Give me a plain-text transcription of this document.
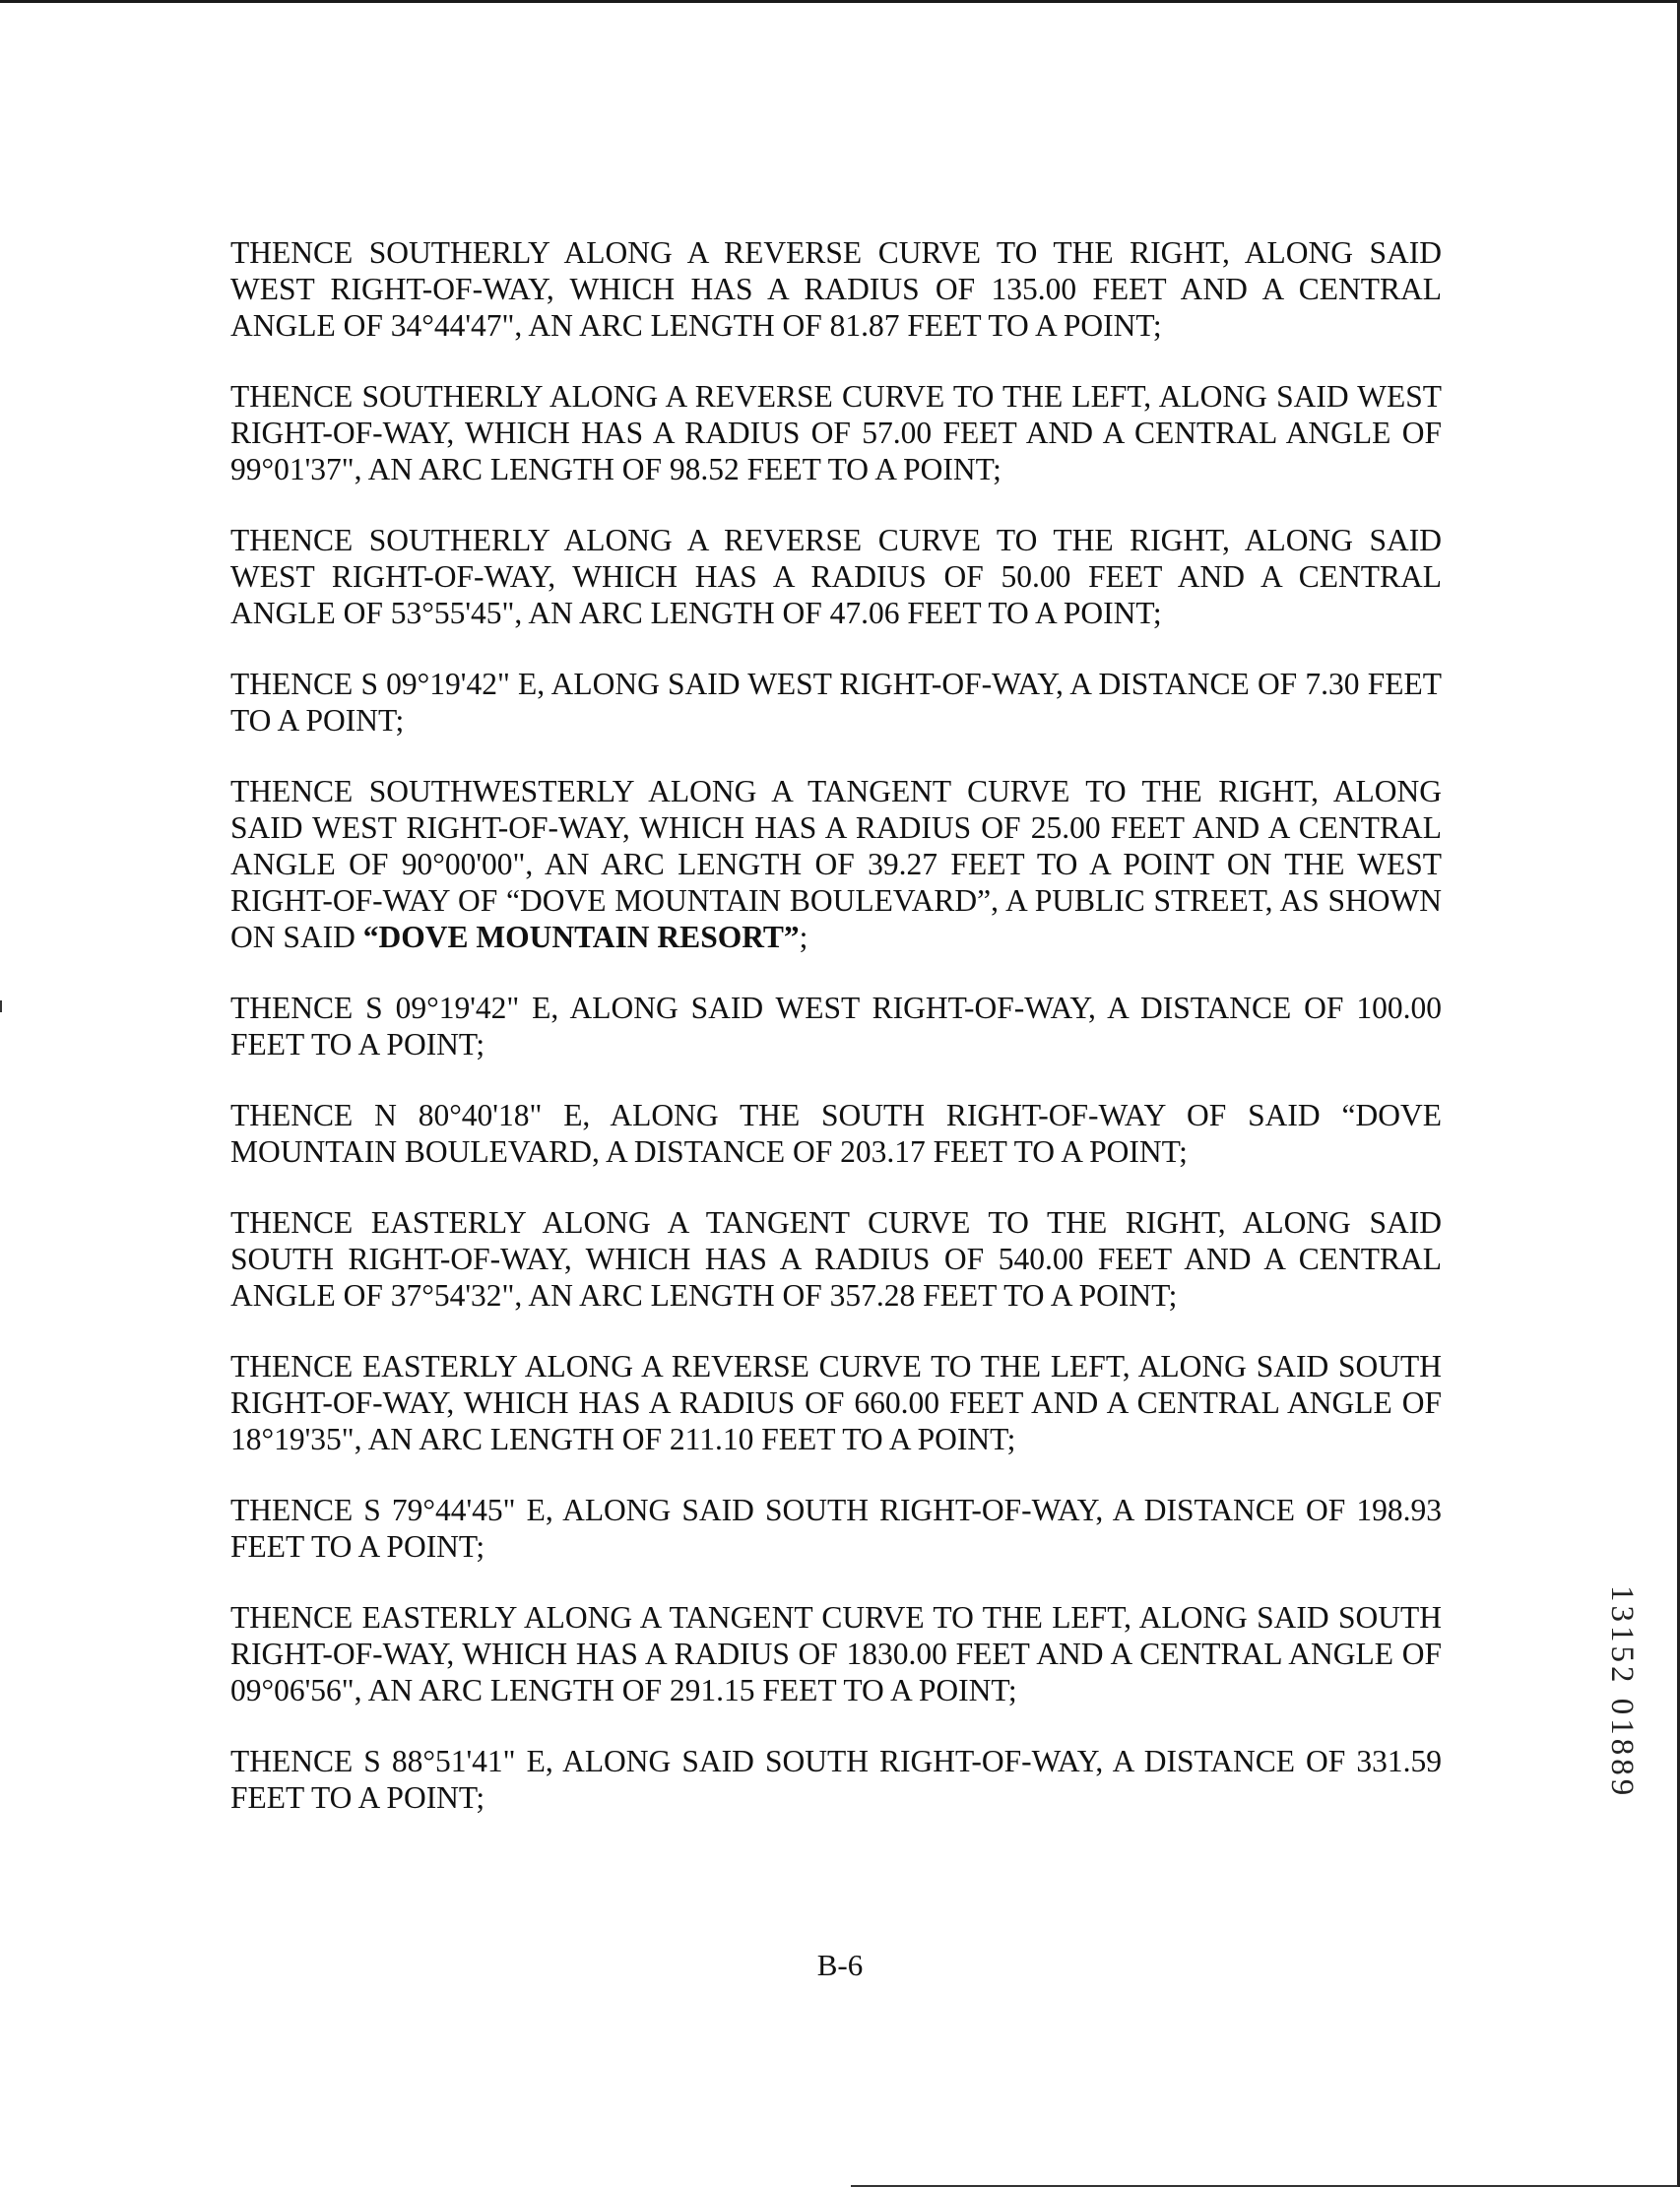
THENCE SOUTHERLY ALONG A REVERSE CURVE TO THE RIGHT, ALONG SAID WEST RIGHT-OF-WAY, WHICH HAS A RADIUS OF 135.00 FEET AND A CENTRAL ANGLE OF 34°44'47", AN ARC LENGTH OF 81.87 FEET TO A POINT;

THENCE SOUTHERLY ALONG A REVERSE CURVE TO THE LEFT, ALONG SAID WEST RIGHT-OF-WAY, WHICH HAS A RADIUS OF 57.00 FEET AND A CENTRAL ANGLE OF 99°01'37", AN ARC LENGTH OF 98.52 FEET TO A POINT;

THENCE SOUTHERLY ALONG A REVERSE CURVE TO THE RIGHT, ALONG SAID WEST RIGHT-OF-WAY, WHICH HAS A RADIUS OF 50.00 FEET AND A CENTRAL ANGLE OF 53°55'45", AN ARC LENGTH OF 47.06 FEET TO A POINT;

THENCE S 09°19'42" E, ALONG SAID WEST RIGHT-OF-WAY, A DISTANCE OF 7.30 FEET TO A POINT;

THENCE SOUTHWESTERLY ALONG A TANGENT CURVE TO THE RIGHT, ALONG SAID WEST RIGHT-OF-WAY, WHICH HAS A RADIUS OF 25.00 FEET AND A CENTRAL ANGLE OF 90°00'00", AN ARC LENGTH OF 39.27 FEET TO A POINT ON THE WEST RIGHT-OF-WAY OF “DOVE MOUNTAIN BOULEVARD”, A PUBLIC STREET, AS SHOWN ON SAID “DOVE MOUNTAIN RESORT”;

THENCE S 09°19'42" E, ALONG SAID WEST RIGHT-OF-WAY, A DISTANCE OF 100.00 FEET TO A POINT;

THENCE N 80°40'18" E, ALONG THE SOUTH RIGHT-OF-WAY OF SAID “DOVE MOUNTAIN BOULEVARD, A DISTANCE OF 203.17 FEET TO A POINT;

THENCE EASTERLY ALONG A TANGENT CURVE TO THE RIGHT, ALONG SAID SOUTH RIGHT-OF-WAY, WHICH HAS A RADIUS OF 540.00 FEET AND A CENTRAL ANGLE OF 37°54'32", AN ARC LENGTH OF 357.28 FEET TO A POINT;

THENCE EASTERLY ALONG A REVERSE CURVE TO THE LEFT, ALONG SAID SOUTH RIGHT-OF-WAY, WHICH HAS A RADIUS OF 660.00 FEET AND A CENTRAL ANGLE OF 18°19'35", AN ARC LENGTH OF 211.10 FEET TO A POINT;

THENCE S 79°44'45" E, ALONG SAID SOUTH RIGHT-OF-WAY, A DISTANCE OF 198.93 FEET TO A POINT;

THENCE EASTERLY ALONG A TANGENT CURVE TO THE LEFT, ALONG SAID SOUTH RIGHT-OF-WAY, WHICH HAS A RADIUS OF 1830.00 FEET AND A CENTRAL ANGLE OF 09°06'56", AN ARC LENGTH OF 291.15 FEET TO A POINT;

THENCE S 88°51'41" E, ALONG SAID SOUTH RIGHT-OF-WAY, A DISTANCE OF 331.59 FEET TO A POINT;

B-6
13152 01889
